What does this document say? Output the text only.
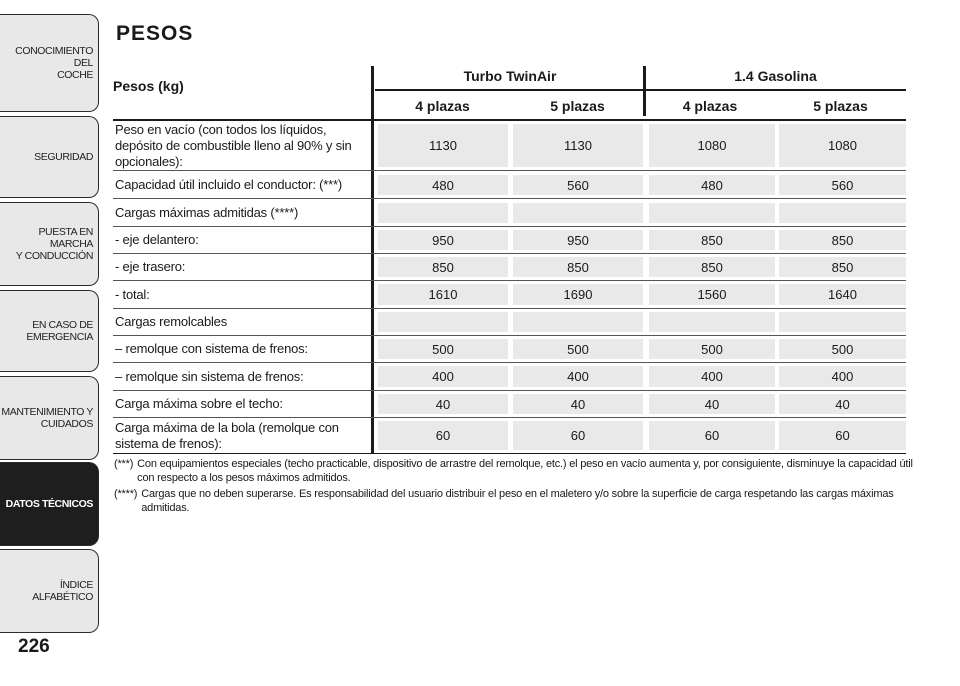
CONOCIMIENTO DEL
COCHE
SEGURIDAD
PUESTA EN MARCHA
Y CONDUCCIÓN
EN CASO DE
EMERGENCIA
MANTENIMIENTO Y
CUIDADOS
DATOS TÉCNICOS
ÍNDICE ALFABÉTICO
226
PESOS
Pesos (kg)
Turbo TwinAir	1.4 Gasolina
4 plazas	5 plazas	4 plazas	5 plazas
Peso en vacío (con todos los líquidos, depósito de combustible lleno al 90% y sin opcionales):
1130	1130	1080	1080
Capacidad útil incluido el conductor: (***)	480	560	480	560
Cargas máximas admitidas (****)
- eje delantero:	950	950	850	850
- eje trasero:	850	850	850	850
- total:	1610	1690	1560	1640
Cargas remolcables
– remolque con sistema de frenos:	500	500	500	500
– remolque sin sistema de frenos:	400	400	400	400
Carga máxima sobre el techo:	40	40	40	40
Carga máxima de la bola (remolque con sistema de frenos):	60	60	60	60
(***) Con equipamientos especiales (techo practicable, dispositivo de arrastre del remolque, etc.) el peso en vacío aumenta y, por consiguiente, disminuye la capacidad útil con respecto a los pesos máximos admitidos.
(****) Cargas que no deben superarse. Es responsabilidad del usuario distribuir el peso en el maletero y/o sobre la superficie de carga respetando las cargas máximas admitidas.
